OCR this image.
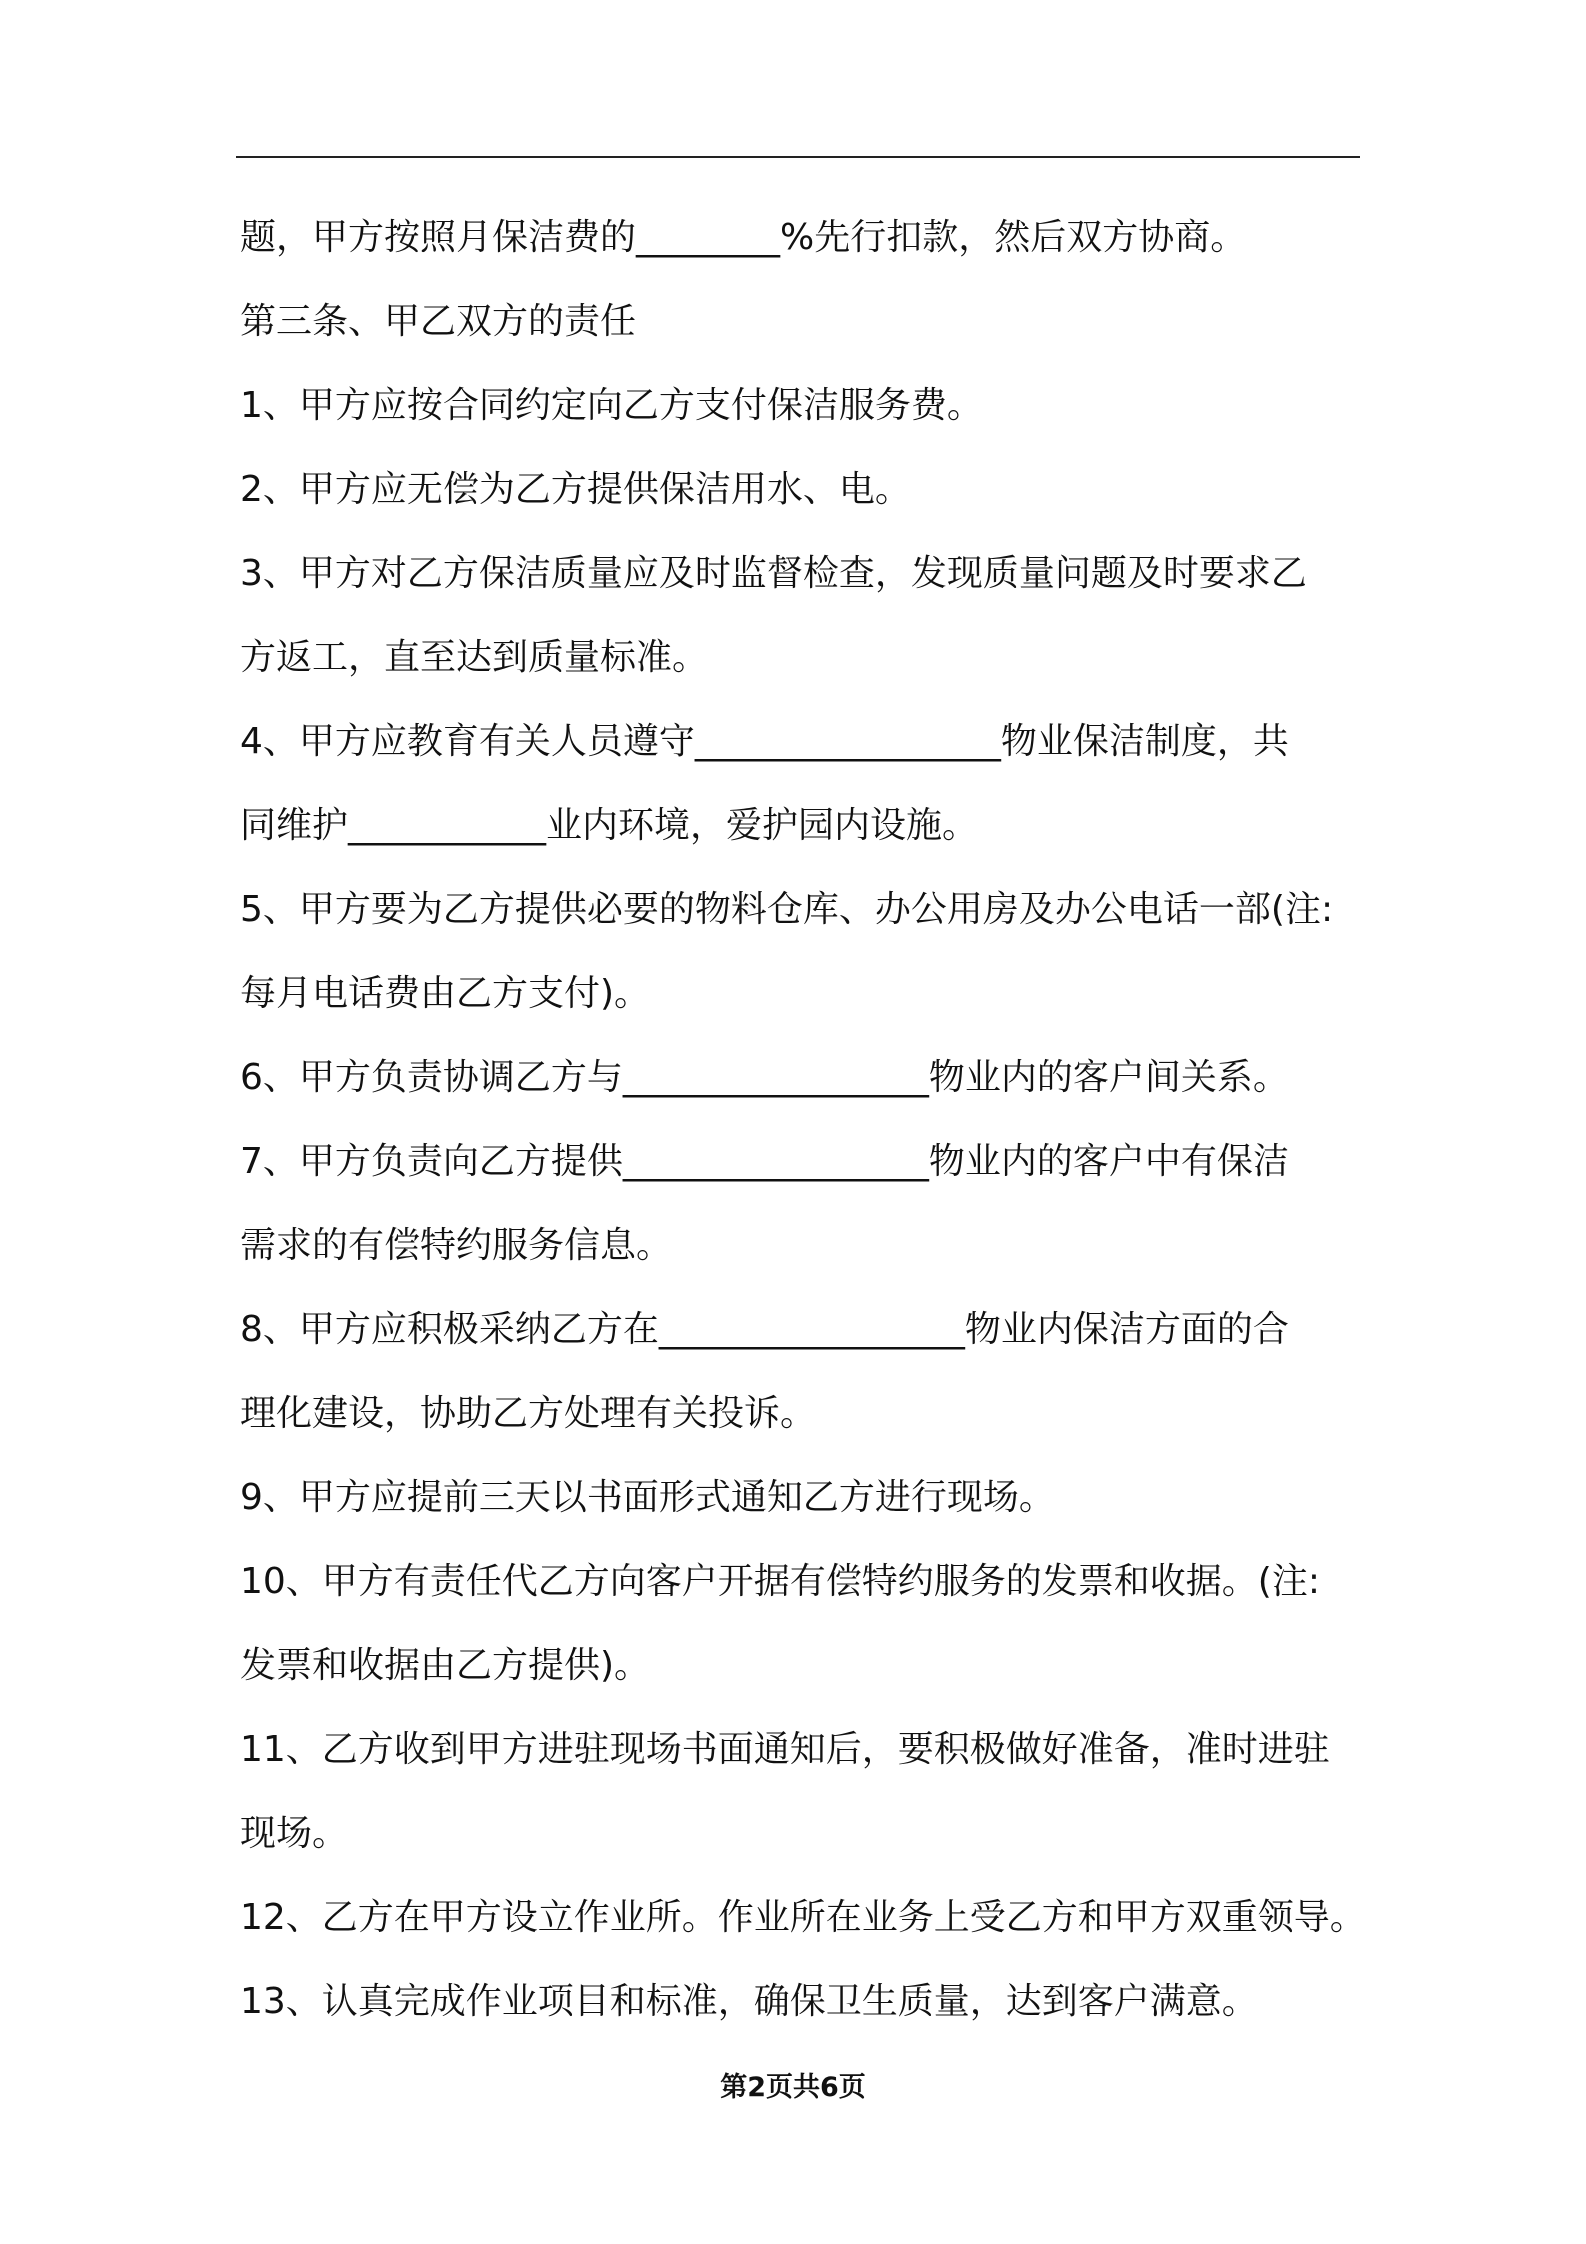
题，甲方按照月保洁费的________%先行扣款，然后双方协商。
第三条、甲乙双方的责任
1、甲方应按合同约定向乙方支付保洁服务费。
2、甲方应无偿为乙方提供保洁用水、电。
3、甲方对乙方保洁质量应及时监督检查，发现质量问题及时要求乙
方返工，直至达到质量标准。
4、甲方应教育有关人员遵守_________________物业保洁制度，共
同维护___________业内环境，爱护园内设施。
5、甲方要为乙方提供必要的物料仓库、办公用房及办公电话一部(注:
每月电话费由乙方支付)。
6、甲方负责协调乙方与_________________物业内的客户间关系。
7、甲方负责向乙方提供_________________物业内的客户中有保洁
需求的有偿特约服务信息。
8、甲方应积极采纳乙方在_________________物业内保洁方面的合
理化建设，协助乙方处理有关投诉。
9、甲方应提前三天以书面形式通知乙方进行现场。
10、甲方有责任代乙方向客户开据有偿特约服务的发票和收据。(注:
发票和收据由乙方提供)。
11、乙方收到甲方进驻现场书面通知后，要积极做好准备，准时进驻
现场。
12、乙方在甲方设立作业所。作业所在业务上受乙方和甲方双重领导。
13、认真完成作业项目和标准，确保卫生质量，达到客户满意。
第2页共6页
